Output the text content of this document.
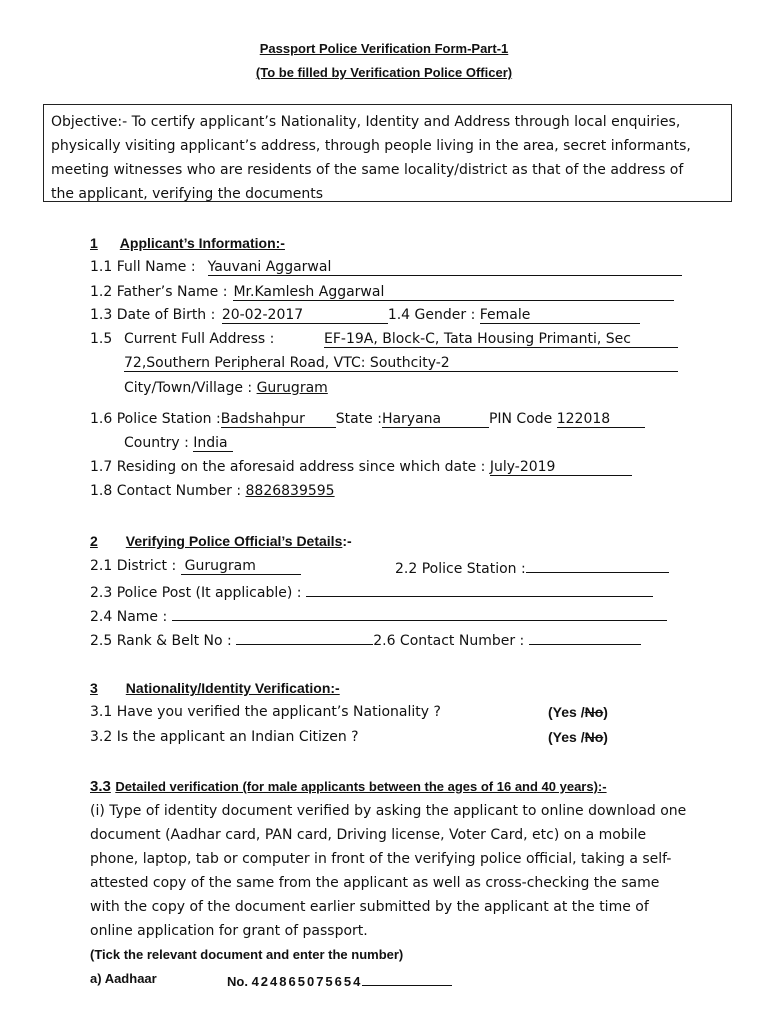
Passport Police Verification Form-Part-1
(To be filled by Verification Police Officer)
Objective:- To certify applicant’s Nationality, Identity and Address through local enquiries,
physically visiting applicant’s address, through people living in the area, secret informants,
meeting witnesses who are residents of the same locality/district as that of the address of
the applicant, verifying the documents
1 Applicant’s Information:-
1.1 Full Name : Yauvani Aggarwal
1.2 Father’s Name : Mr.Kamlesh Aggarwal
1.3 Date of Birth : 20-02-2017	1.4 Gender : Female
1.5 Current Full Address :	EF-19A, Block-C, Tata Housing Primanti, Sec
72,Southern Peripheral Road, VTC: Southcity-2
City/Town/Village : Gurugram
1.6 Police Station :Badshahpur State :Haryana	PIN Code 122018
Country : India
1.7 Residing on the aforesaid address since which date : July-2019
1.8 Contact Number : 8826839595
2 Verifying Police Official’s Details:-
2.1 District : Gurugram	2.2 Police Station :
2.3 Police Post (It applicable) :
2.4 Name :
2.5 Rank & Belt No :	2.6 Contact Number :
3 Nationality/Identity Verification:-
3.1 Have you verified the applicant’s Nationality ?	(Yes /No)
3.2 Is the applicant an Indian Citizen ?	(Yes /No)
3.3 Detailed verification (for male applicants between the ages of 16 and 40 years):-
(i) Type of identity document verified by asking the applicant to online download one
document (Aadhar card, PAN card, Driving license, Voter Card, etc) on a mobile
phone, laptop, tab or computer in front of the verifying police official, taking a self-
attested copy of the same from the applicant as well as cross-checking the same
with the copy of the document earlier submitted by the applicant at the time of
online application for grant of passport.
(Tick the relevant document and enter the number)
a) Aadhaar	No. 424865075654
